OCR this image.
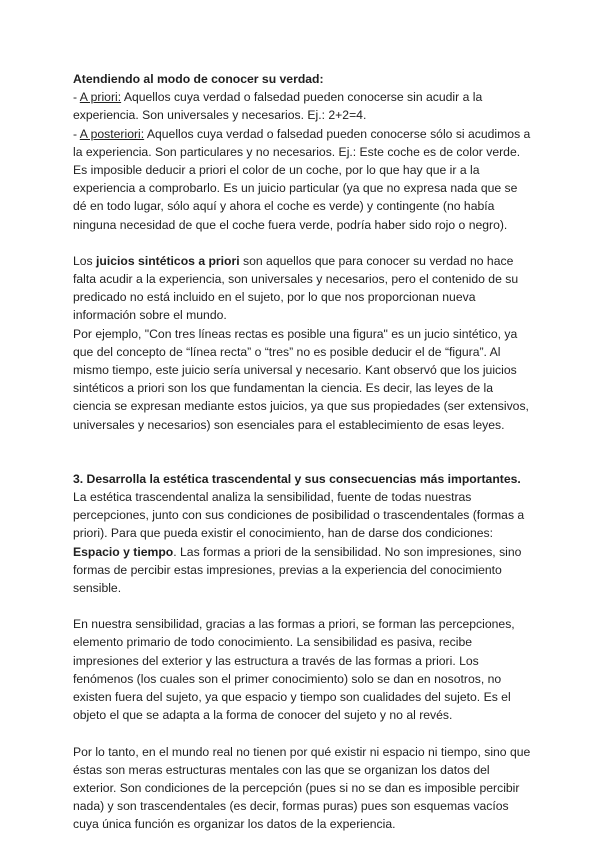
Atendiendo al modo de conocer su verdad:

- A priori: Aquellos cuya verdad o falsedad pueden conocerse sin acudir a la experiencia. Son universales y necesarios. Ej.: 2+2=4.

- A posteriori: Aquellos cuya verdad o falsedad pueden conocerse sólo si acudimos a la experiencia. Son particulares y no necesarios. Ej.: Este coche es de color verde. Es imposible deducir a priori el color de un coche, por lo que hay que ir a la experiencia a comprobarlo. Es un juicio particular (ya que no expresa nada que se dé en todo lugar, sólo aquí y ahora el coche es verde) y contingente (no había ninguna necesidad de que el coche fuera verde, podría haber sido rojo o negro).

Los juicios sintéticos a priori son aquellos que para conocer su verdad no hace falta acudir a la experiencia, son universales y necesarios, pero el contenido de su predicado no está incluido en el sujeto, por lo que nos proporcionan nueva información sobre el mundo.

Por ejemplo, "Con tres líneas rectas es posible una figura" es un jucio sintético, ya que del concepto de “línea recta” o “tres” no es posible deducir el de “figura”. Al mismo tiempo, este juicio sería universal y necesario. Kant observó que los juicios sintéticos a priori son los que fundamentan la ciencia. Es decir, las leyes de la ciencia se expresan mediante estos juicios, ya que sus propiedades (ser extensivos, universales y necesarios) son esenciales para el establecimiento de esas leyes.

3. Desarrolla la estética trascendental y sus consecuencias más importantes.

La estética trascendental analiza la sensibilidad, fuente de todas nuestras percepciones, junto con sus condiciones de posibilidad o trascendentales (formas a priori). Para que pueda existir el conocimiento, han de darse dos condiciones: Espacio y tiempo. Las formas a priori de la sensibilidad. No son impresiones, sino formas de percibir estas impresiones, previas a la experiencia del conocimiento sensible.

En nuestra sensibilidad, gracias a las formas a priori, se forman las percepciones, elemento primario de todo conocimiento. La sensibilidad es pasiva, recibe impresiones del exterior y las estructura a través de las formas a priori. Los fenómenos (los cuales son el primer conocimiento) solo se dan en nosotros, no existen fuera del sujeto, ya que espacio y tiempo son cualidades del sujeto. Es el objeto el que se adapta a la forma de conocer del sujeto y no al revés.

Por lo tanto, en el mundo real no tienen por qué existir ni espacio ni tiempo, sino que éstas son meras estructuras mentales con las que se organizan los datos del exterior. Son condiciones de la percepción (pues si no se dan es imposible percibir nada) y son trascendentales (es decir, formas puras) pues son esquemas vacíos cuya única función es organizar los datos de la experiencia.
